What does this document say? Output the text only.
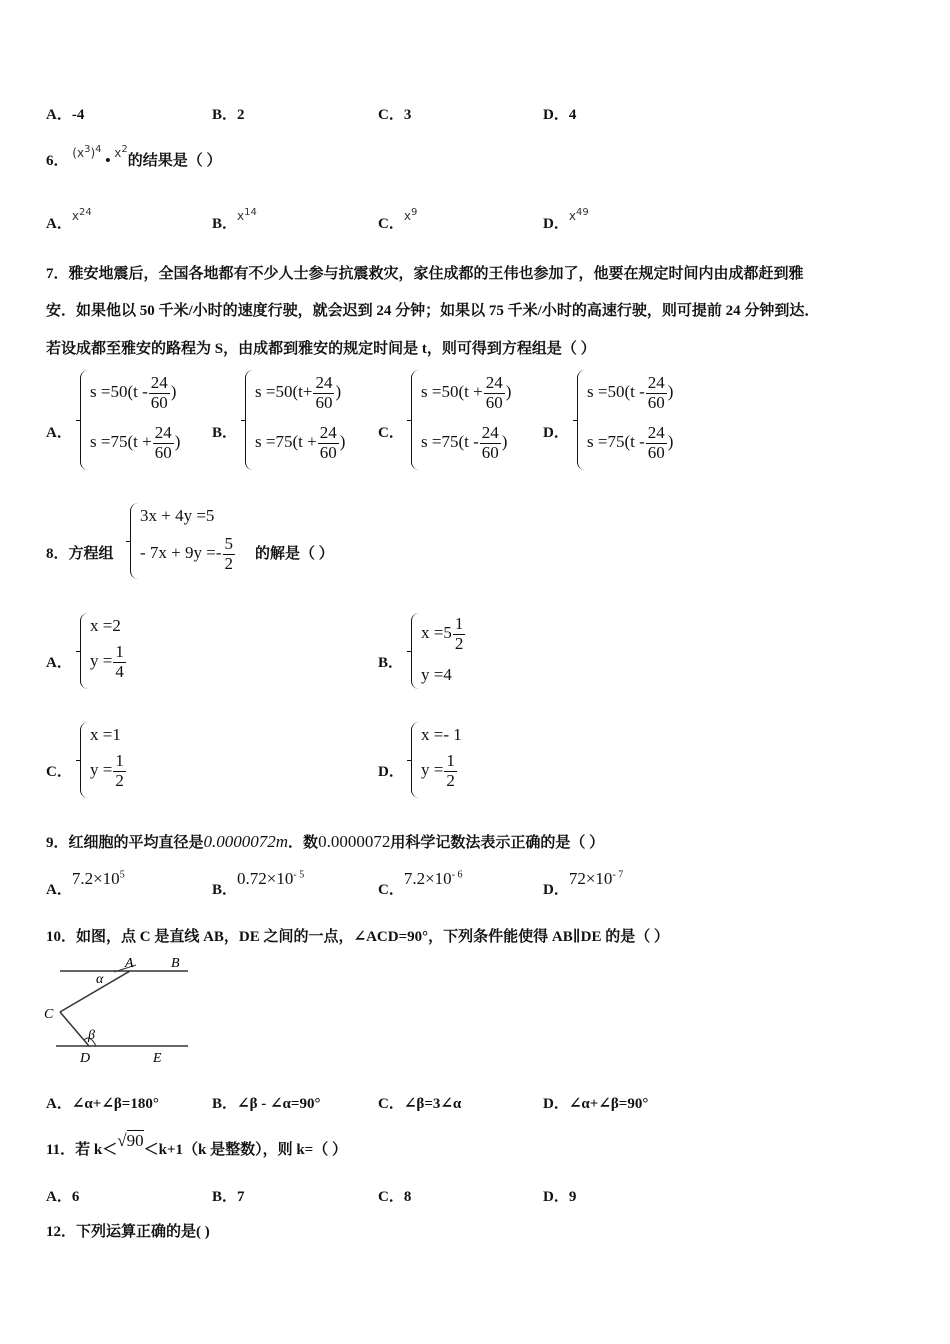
A．-4	B．2	C．3	D．4
6． $^{(x^3)^4}$ • $^{x^2}$的结果是（ ）
A．$^{x^{24}}$
B．$^{x^{14}}$
C．$^{x^9}$
D．$^{x^{49}}$
7．雅安地震后，全国各地都有不少人士参与抗震救灾，家住成都的王伟也参加了，他要在规定时间内由成都赶到雅
安．如果他以 50 千米/小时的速度行驶，就会迟到 24 分钟；如果以 75 千米/小时的高速行驶，则可提前 24 分钟到达．
若设成都至雅安的路程为 S，由成都到雅安的规定时间是 t，则可得到方程组是（ ）
A．
$s =50(t - \frac{24}{60}$ )
$s =75(t + \frac{24}{60}$ ) B．
$s =50(t+ \frac{24}{60}$ )
$s =75(t + \frac{24}{60}$ ) C．
$s =50(t + \frac{24}{60}$ )
$s =75(t - \frac{24}{60}$ ) D．
$s =50(t - \frac{24}{60}$ )
$s =75(t - \frac{24}{60}$ )
8．方程组
3x + 4y =5
- $7x + 9y =- \frac{5}{2}$ 的解是（ ）
A．
x =2
$y = \frac{1}{4}$	B．
$x =5 \frac{1}{2}$
y =4
C．
x =1
$y = \frac{1}{2}$	D．
x =- 1
$y = \frac{1}{2}$
9．红细胞的平均直径是0.0000072m．数0.0000072用科学记数法表示正确的是（ ）
A．$7.2\times 10^5$
B．$0.72\times 10^{- 5}$
C．$7.2\times 10^{- 6}$
D．$72\times 10^{- 7}$
10．如图，点 C 是直线 AB，DE 之间的一点，∠ACD=90°，下列条件能使得 AB∥DE 的是（ ）
α
A	B
C
β
D	E
A．∠α+∠β=180°	B．∠β - ∠α=90°	C．∠β=3∠α	D．∠α+∠β=90°
11．若 k＜√90＜k+1（k 是整数），则 k=（ ）
A．6	B．7	C．8	D．9
12．下列运算正确的是( )
